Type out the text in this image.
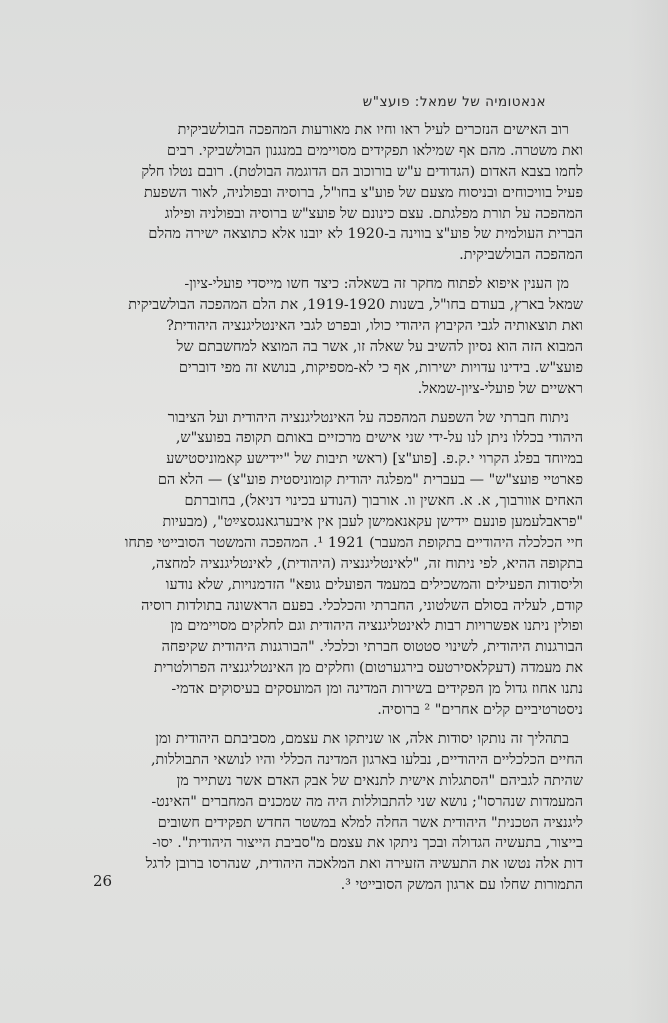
אנאטומיה של שמאל: פועצ"ש
רוב האישים הנזכרים לעיל ראו וחיו את מאורעות המהפכה הבולשביקית
ואת משטרה. מהם אף שמילאו תפקידים מסויימים במנגנון הבולשביקי. רבים
לחמו בצבא האדום (הגדודים ע"ש בורוכוב הם הדוגמה הבולטת). רובם נטלו חלק
פעיל בוויכוחים ובניסוח מצעם של פוע"צ בחו"ל, ברוסיה ובפולניה, לאור השפעת
המהפכה על תורת מפלגתם. עצם כינונם של פועצ"ש ברוסיה ובפולניה ופילוג
הברית העולמית של פוע"צ בווינה ב-1920 לא יובנו אלא כתוצאה ישירה מהלם
המהפכה הבולשביקית.
מן הענין איפוא לפתוח מחקר זה בשאלה: כיצד חשו מייסדי פועלי-ציון-
שמאל בארץ, בעודם בחו"ל, בשנות 1919-1920, את הלם המהפכה הבולשביקית
ואת תוצאותיה לגבי הקיבוץ היהודי כולו, ובפרט לגבי האינטליגנציה היהודית?
המבוא הזה הוא נסיון להשיב על שאלה זו, אשר בה המוצא למחשבתם של
פועצ"ש. בידינו עדויות ישירות, אף כי לא-מספיקות, בנושא זה מפי דוברים
ראשיים של פועלי-ציון-שמאל.
ניתוח חברתי של השפעת המהפכה על האינטליגנציה היהודית ועל הציבור
היהודי בכללו ניתן לנו על-ידי שני אישים מרכזיים באותם תקופה בפועצ"ש,
במיוחד בפלג הקרוי י.ק.פ. [פוע"צ] (ראשי תיבות של "יידישע קאמוניסטישע
פארטיי פועצ"ש" — בעברית "מפלגה יהודית קומוניסטית פוע"צ) — הלא הם
האחים אוורבוך, א. א. חאשין וו. אורבוך (הנודע בכינוי דניאל), בחוברתם
"פראבלעמען פונעם יידישן עקאנאמישן לעבן אין איבערגאנגסצײַט", (מבעיות
חיי הכלכלה היהודיים בתקופת המעבר) 1921 ¹. המהפכה והמשטר הסובייטי פתחו
בתקופה ההיא, לפי ניתוח זה, "לאינטליגנציה (היהודית), לאינטליגנציה למחצה,
וליסודות הפעילים והמשכילים במעמד הפועלים גופא" הזדמנויות, שלא נודעו
קודם, לעליה בסולם השלטוני, החברתי והכלכלי. בפעם הראשונה בתולדות רוסיה
ופולין ניתנו אפשרויות רבות לאינטליגנציה היהודית וגם לחלקים מסויימים מן
הבורגנות היהודית, לשינוי סטטוס חברתי וכלכלי. "הבורגנות היהודית שקיפחה
את מעמדה (דעקלאסירטעס בירגערטום) וחלקים מן האינטליגנציה הפרולטרית
נתנו אחוז גדול מן הפקידים בשירות המדינה ומן המועסקים בעיסוקים אדמי-
ניסטרטיביים קלים אחרים" ² ברוסיה.
בתהליך זה נותקו יסודות אלה, או שניתקו את עצמם, מסביבתם היהודית ומן
החיים הכלכליים היהודיים, נבלעו בארגון המדינה הכללי והיו לנושאי התבוללות,
שהיתה לגביהם "הסתגלות אישית לתנאים של אבק האדם אשר נשתייר מן
המעמדות שנהרסו"; נושא שני להתבוללות היה מה שמכנים המחברים "האינט-
ליגנציה הטכנית" היהודית אשר החלה למלא במשטר החדש תפקידים חשובים
בייצור, בתעשיה הגדולה ובכך ניתקו את עצמם מ"סביבת הייצור היהודית". יסו-
דות אלה נטשו את התעשיה הזעירה ואת המלאכה היהודית, שנהרסו ברובן לרגל
התמורות שחלו עם ארגון המשק הסובייטי ³.
26
